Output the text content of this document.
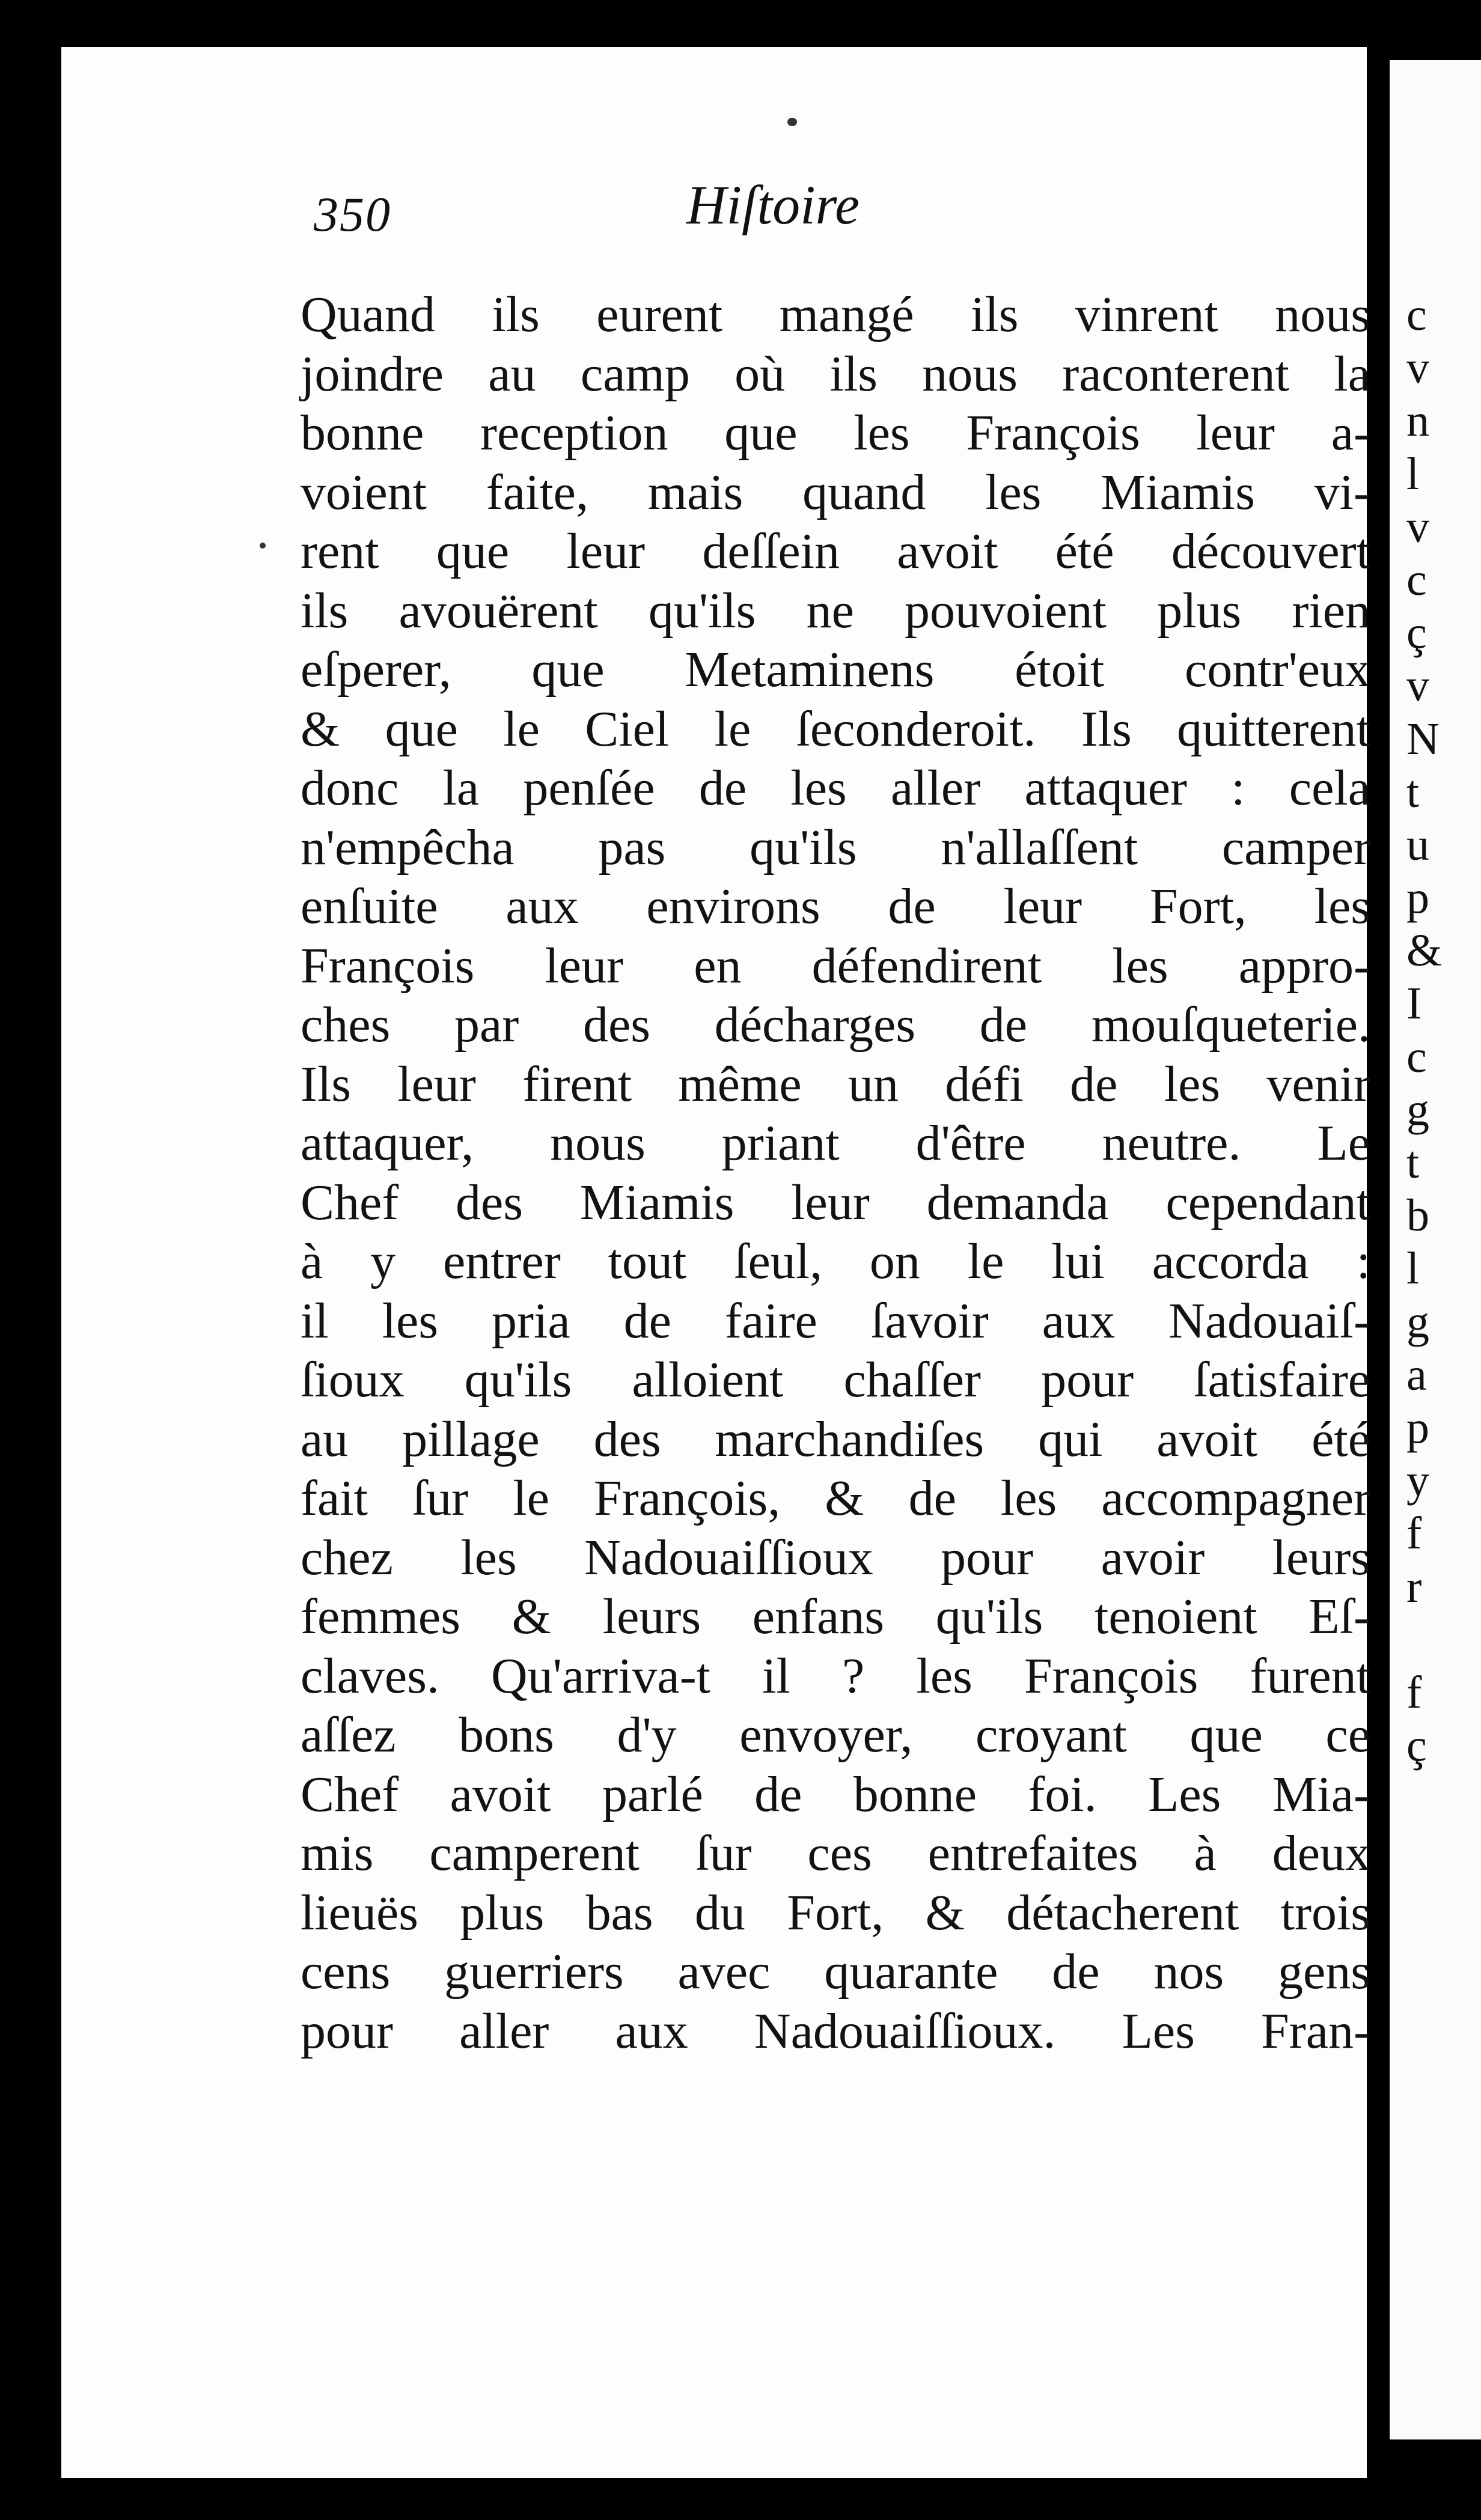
350	Hiſtoire
Quand ils eurent mangé ils vinrent nous
joindre au camp où ils nous raconterent la
bonne reception que les François leur a-
voient faite, mais quand les Miamis vi-
rent que leur deſſein avoit été découvert
ils avouërent qu'ils ne pouvoient plus rien
eſperer, que Metaminens étoit contr'eux
& que le Ciel le ſeconderoit. Ils quitterent
donc la penſée de les aller attaquer : cela
n'empêcha pas qu'ils n'allaſſent camper
enſuite aux environs de leur Fort, les
François leur en défendirent les appro-
ches par des décharges de mouſqueterie.
Ils leur firent même un défi de les venir
attaquer, nous priant d'être neutre. Le
Chef des Miamis leur demanda cependant
à y entrer tout ſeul, on le lui accorda :
il les pria de faire ſavoir aux Nadouaiſ-
ſioux qu'ils alloient chaſſer pour ſatisfaire
au pillage des marchandiſes qui avoit été
fait ſur le François, & de les accompagner
chez les Nadouaiſſioux pour avoir leurs
femmes & leurs enfans qu'ils tenoient Eſ-
claves. Qu'arriva-t il ? les François furent
aſſez bons d'y envoyer, croyant que ce
Chef avoit parlé de bonne foi. Les Mia-
mis camperent ſur ces entrefaites à deux
lieuës plus bas du Fort, & détacherent trois
cens guerriers avec quarante de nos gens
pour aller aux Nadouaiſſioux. Les Fran-
c
v
n
l
v
c
ç
v
N
t
u
p
&
I
c
g
t
b
l
g
a
p
y
f
r
f
ç
